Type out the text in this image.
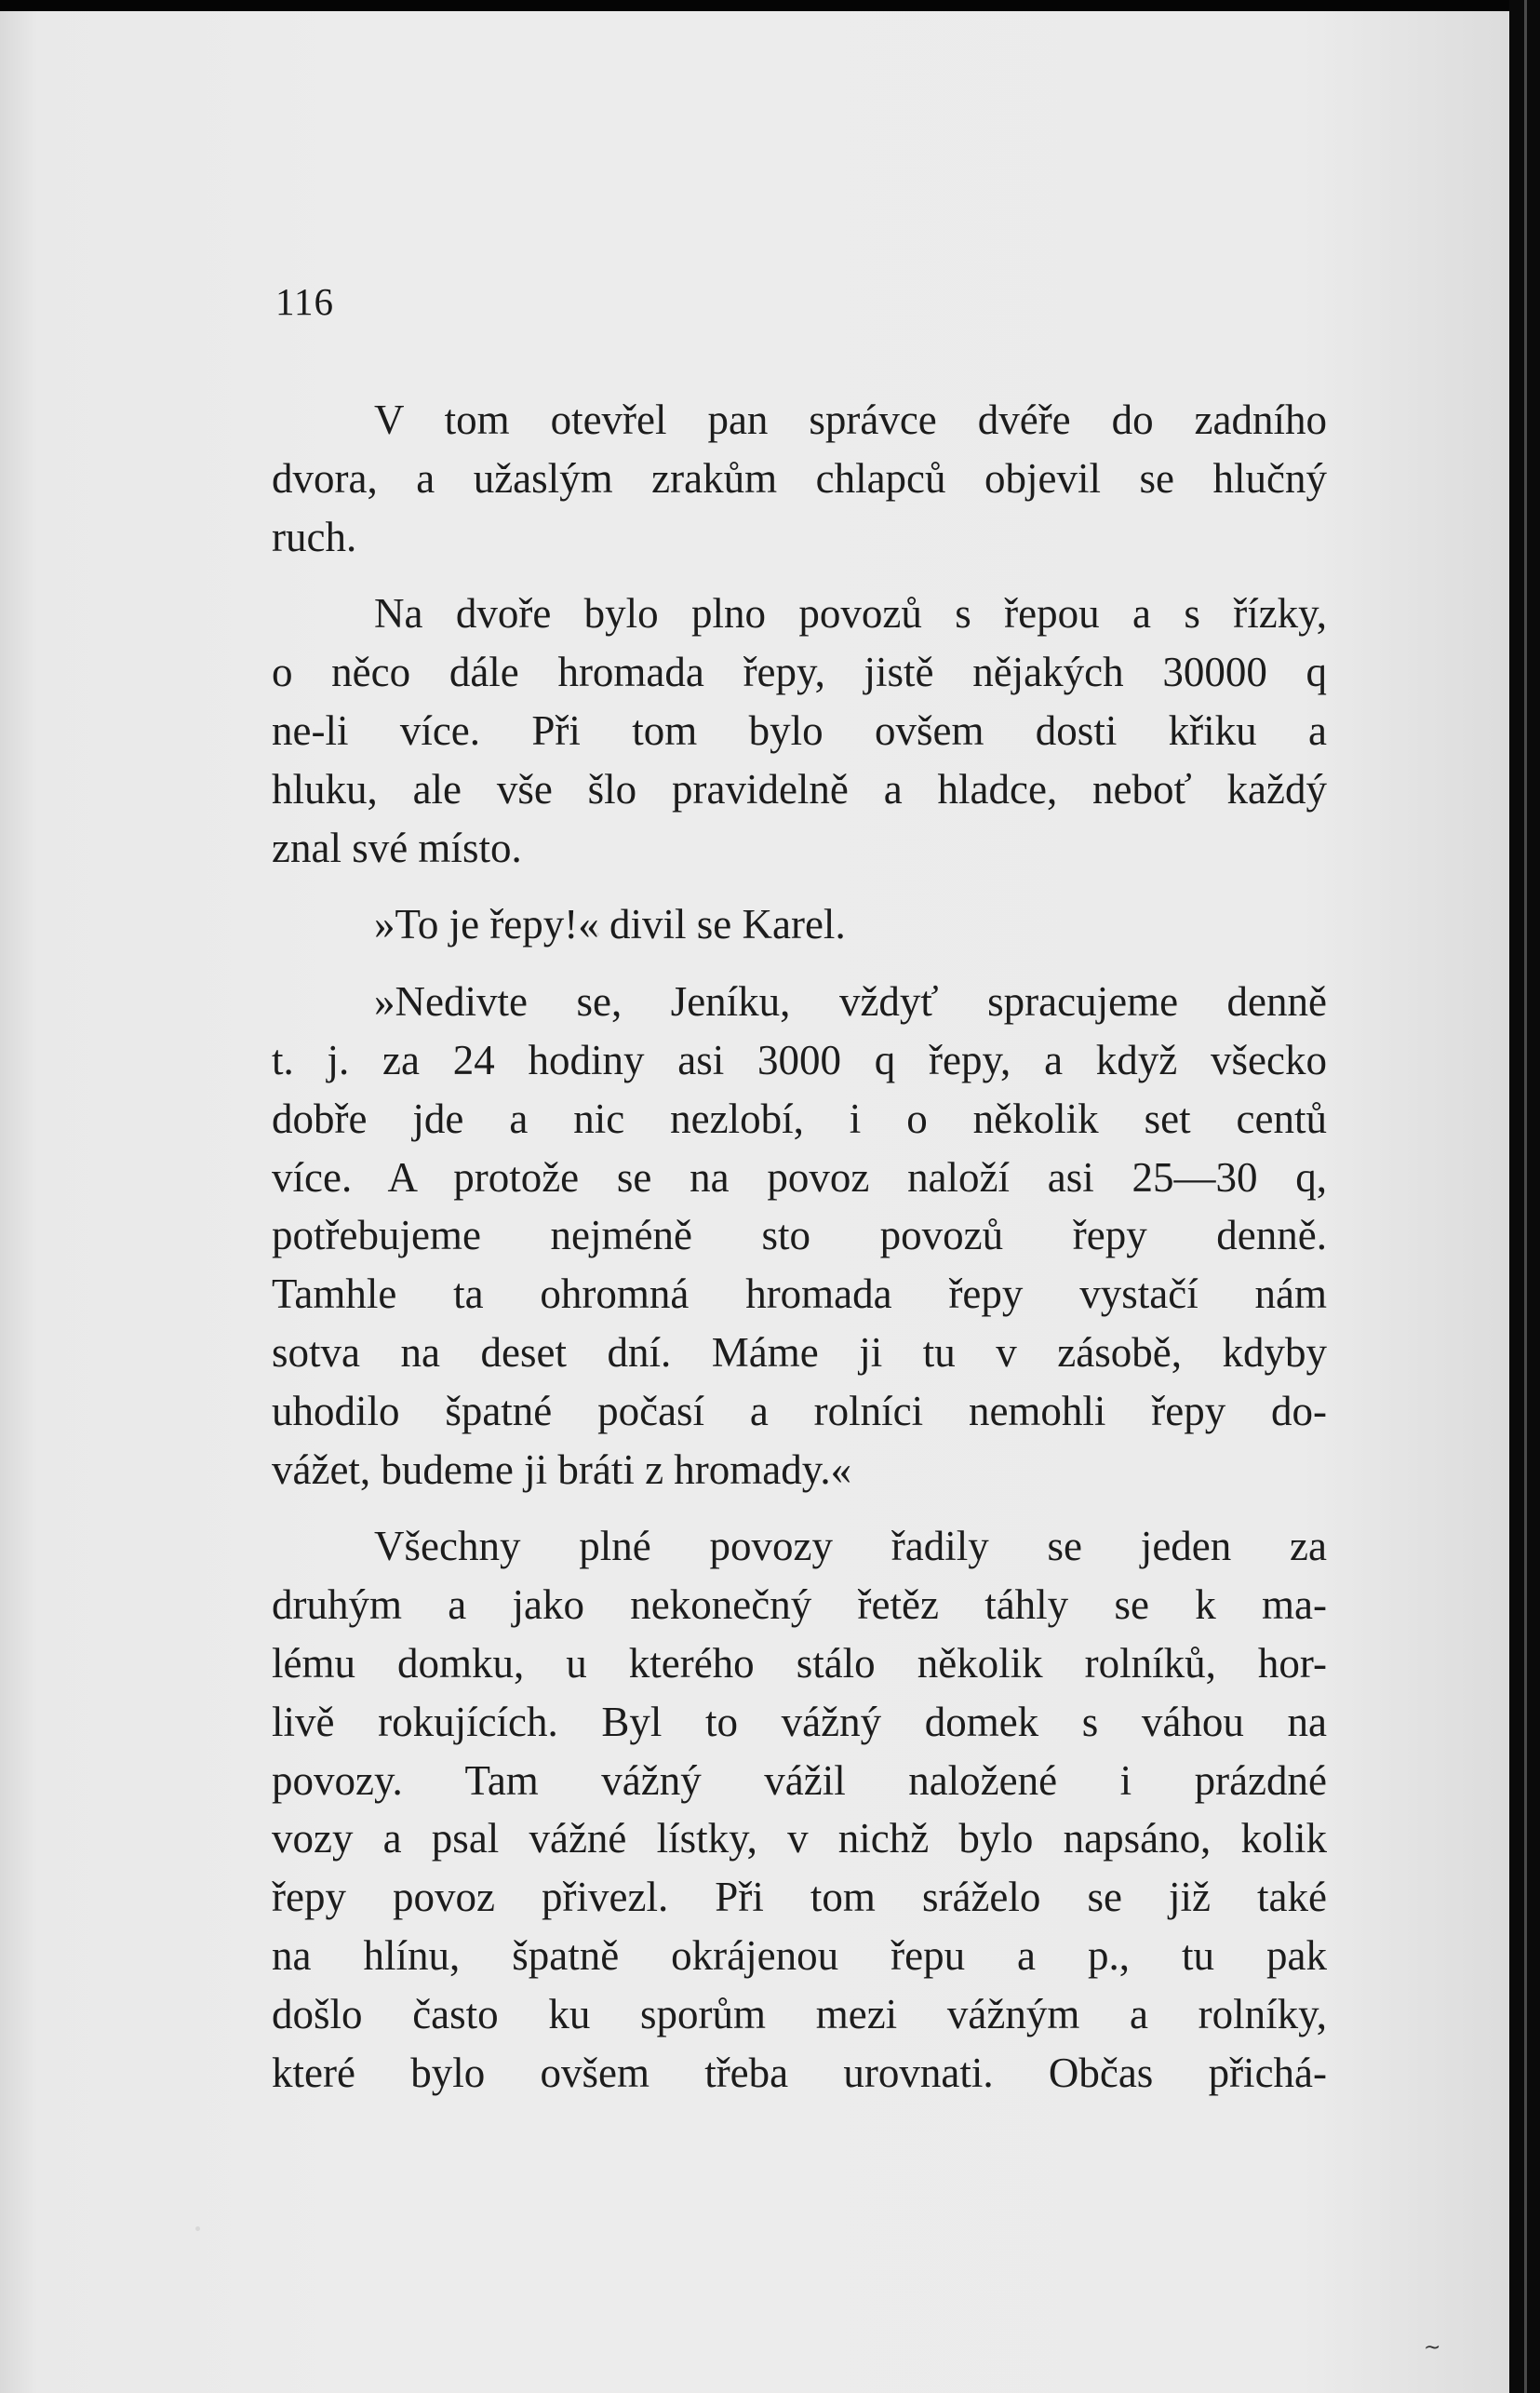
116

V tom otevřel pan správce dvéře do zadního
dvora, a užaslým zrakům chlapců objevil se hlučný
ruch.

Na dvoře bylo plno povozů s řepou a s řízky,
o něco dále hromada řepy, jistě nějakých 30000 q
ne-li více. Při tom bylo ovšem dosti křiku a
hluku, ale vše šlo pravidelně a hladce, neboť každý
znal své místo.

»To je řepy!« divil se Karel.

»Nedivte se, Jeníku, vždyť spracujeme denně
t. j. za 24 hodiny asi 3000 q řepy, a když všecko
dobře jde a nic nezlobí, i o několik set centů
více. A protože se na povoz naloží asi 25—30 q,
potřebujeme nejméně sto povozů řepy denně.
Tamhle ta ohromná hromada řepy vystačí nám
sotva na deset dní. Máme ji tu v zásobě, kdyby
uhodilo špatné počasí a rolníci nemohli řepy do-
vážet, budeme ji bráti z hromady.«

Všechny plné povozy řadily se jeden za
druhým a jako nekonečný řetěz táhly se k ma-
lému domku, u kterého stálo několik rolníků, hor-
livě rokujících. Byl to vážný domek s váhou na
povozy. Tam vážný vážil naložené i prázdné
vozy a psal vážné lístky, v nichž bylo napsáno, kolik
řepy povoz přivezl. Při tom sráželo se již také
na hlínu, špatně okrájenou řepu a p., tu pak
došlo často ku sporům mezi vážným a rolníky,
které bylo ovšem třeba urovnati. Občas přichá-

~
